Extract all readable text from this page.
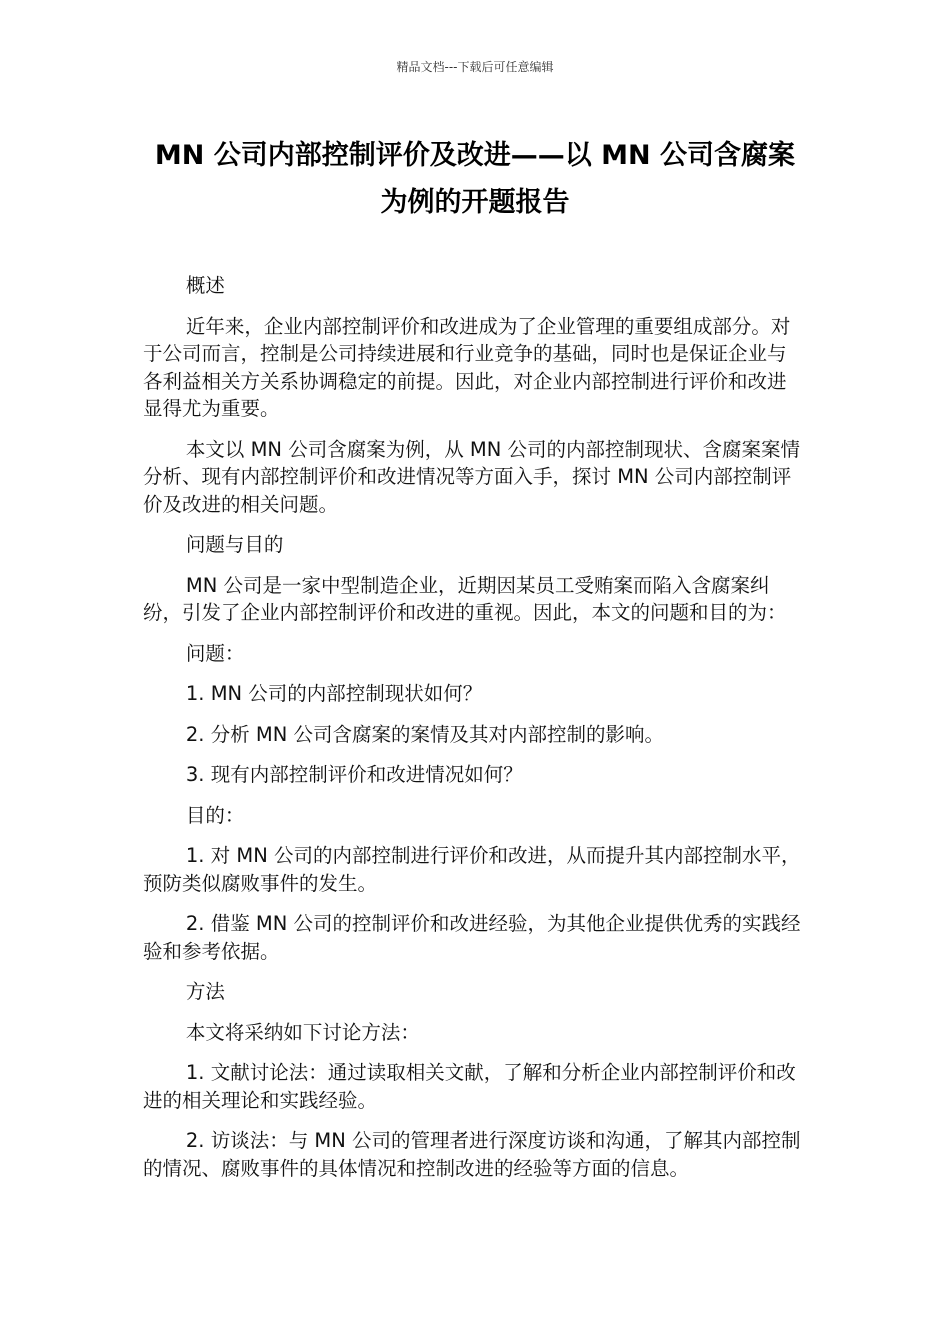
精品文档---下载后可任意编辑
MN 公司内部控制评价及改进——以 MN 公司含腐案
为例的开题报告

概述

近年来，企业内部控制评价和改进成为了企业管理的重要组成部分。对于公司而言，控制是公司持续进展和行业竞争的基础，同时也是保证企业与各利益相关方关系协调稳定的前提。因此，对企业内部控制进行评价和改进显得尤为重要。

本文以 MN 公司含腐案为例，从 MN 公司的内部控制现状、含腐案案情分析、现有内部控制评价和改进情况等方面入手，探讨 MN 公司内部控制评价及改进的相关问题。

问题与目的

MN 公司是一家中型制造企业，近期因某员工受贿案而陷入含腐案纠纷，引发了企业内部控制评价和改进的重视。因此，本文的问题和目的为：

问题：

1. MN 公司的内部控制现状如何？

2. 分析 MN 公司含腐案的案情及其对内部控制的影响。

3. 现有内部控制评价和改进情况如何？

目的：

1. 对 MN 公司的内部控制进行评价和改进，从而提升其内部控制水平，预防类似腐败事件的发生。

2. 借鉴 MN 公司的控制评价和改进经验，为其他企业提供优秀的实践经验和参考依据。

方法

本文将采纳如下讨论方法：

1. 文献讨论法：通过读取相关文献，了解和分析企业内部控制评价和改进的相关理论和实践经验。

2. 访谈法：与 MN 公司的管理者进行深度访谈和沟通，了解其内部控制的情况、腐败事件的具体情况和控制改进的经验等方面的信息。
